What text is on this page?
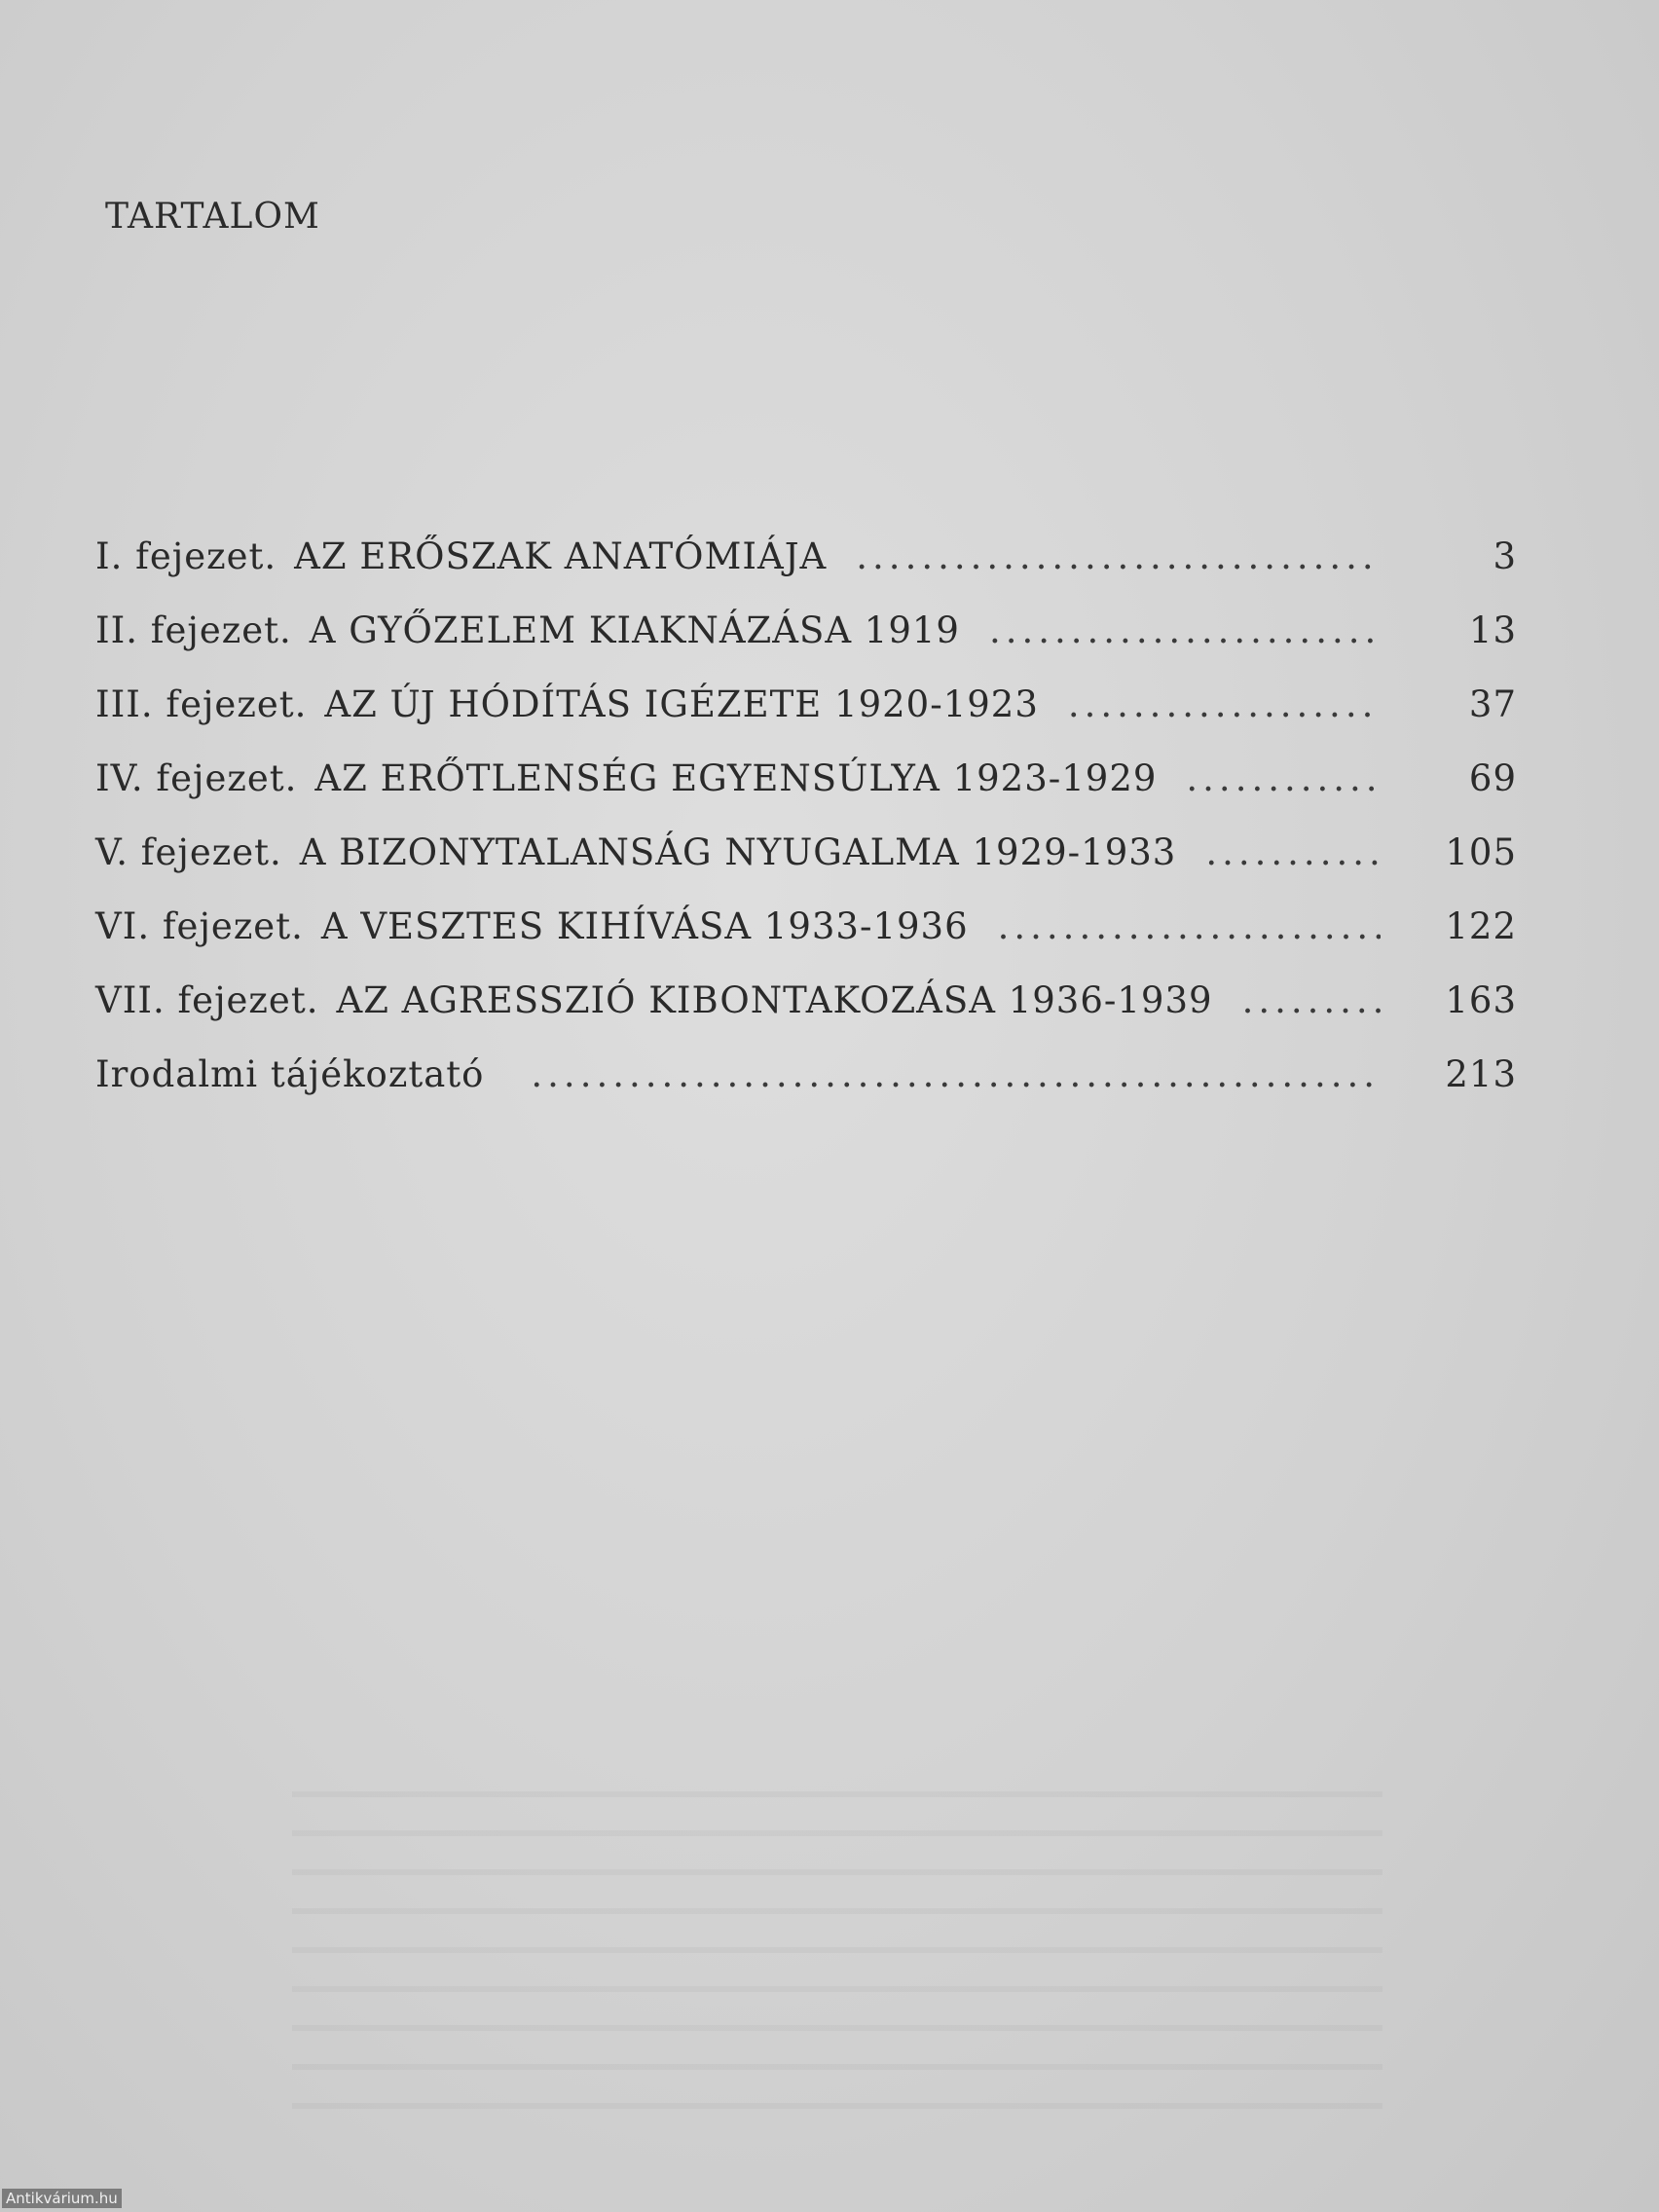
TARTALOM
I. fejezet. AZ ERŐSZAK ANATÓMIÁJA .....	3
II. fejezet. A GYŐZELEM KIAKNÁZÁSA 1919 .....	13
III. fejezet. AZ ÚJ HÓDÍTÁS IGÉZETE 1920-1923 .....	37
IV. fejezet. AZ ERŐTLENSÉG EGYENSÚLYA 1923-1929 .....	69
V. fejezet. A BIZONYTALANSÁG NYUGALMA 1929-1933 .....	105
VI. fejezet. A VESZTES KIHÍVÁSA 1933-1936 .....	122
VII. fejezet. AZ AGRESSZIÓ KIBONTAKOZÁSA 1936-1939 .....	163
Irodalmi tájékoztató .....	213
Antikvárium.hu
